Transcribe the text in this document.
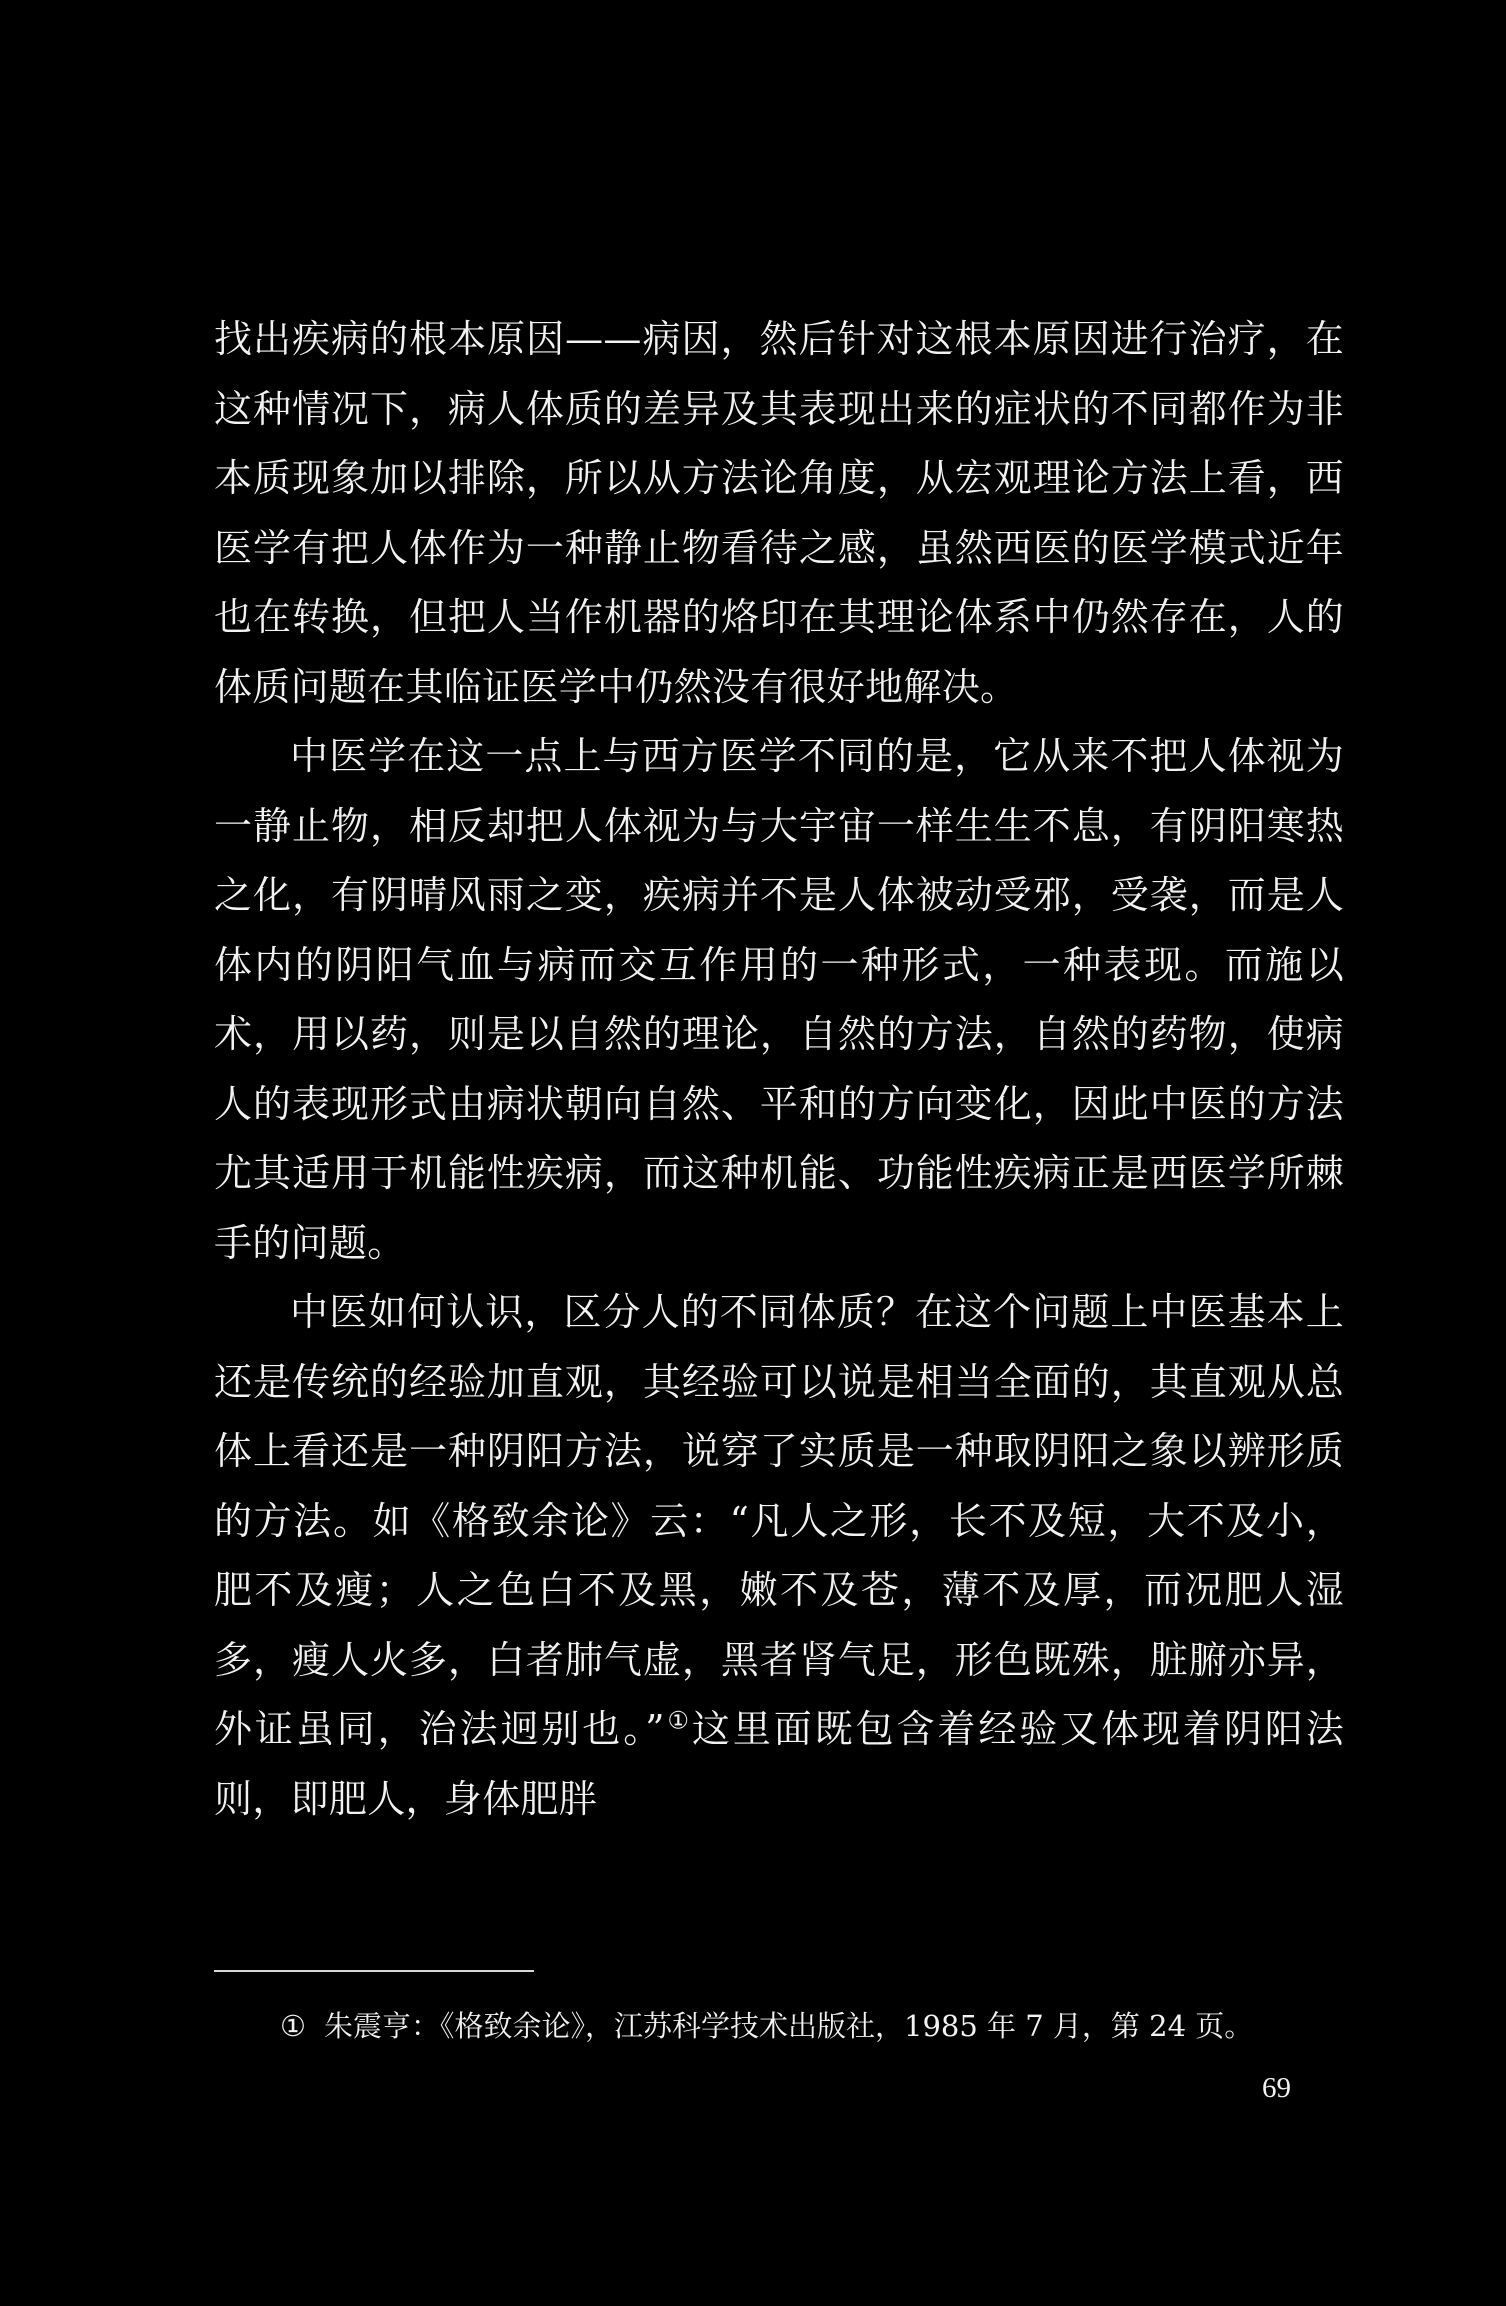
找出疾病的根本原因——病因，然后针对这根本原因进行治疗，在这种情况下，病人体质的差异及其表现出来的症状的不同都作为非本质现象加以排除，所以从方法论角度，从宏观理论方法上看，西医学有把人体作为一种静止物看待之感，虽然西医的医学模式近年也在转换，但把人当作机器的烙印在其理论体系中仍然存在，人的体质问题在其临证医学中仍然没有很好地解决。

中医学在这一点上与西方医学不同的是，它从来不把人体视为一静止物，相反却把人体视为与大宇宙一样生生不息，有阴阳寒热之化，有阴晴风雨之变，疾病并不是人体被动受邪，受袭，而是人体内的阴阳气血与病而交互作用的一种形式，一种表现。而施以术，用以药，则是以自然的理论，自然的方法，自然的药物，使病人的表现形式由病状朝向自然、平和的方向变化，因此中医的方法尤其适用于机能性疾病，而这种机能、功能性疾病正是西医学所棘手的问题。

中医如何认识，区分人的不同体质？在这个问题上中医基本上还是传统的经验加直观，其经验可以说是相当全面的，其直观从总体上看还是一种阴阳方法，说穿了实质是一种取阴阳之象以辨形质的方法。如《格致余论》云：“凡人之形，长不及短，大不及小，肥不及瘦；人之色白不及黑，嫩不及苍，薄不及厚，而况肥人湿多，瘦人火多，白者肺气虚，黑者肾气足，形色既殊，脏腑亦异，外证虽同，治法迥别也。”①这里面既包含着经验又体现着阴阳法则，即肥人，身体肥胖

① 朱震亨：《格致余论》，江苏科学技术出版社，1985 年 7 月，第 24 页。
69
